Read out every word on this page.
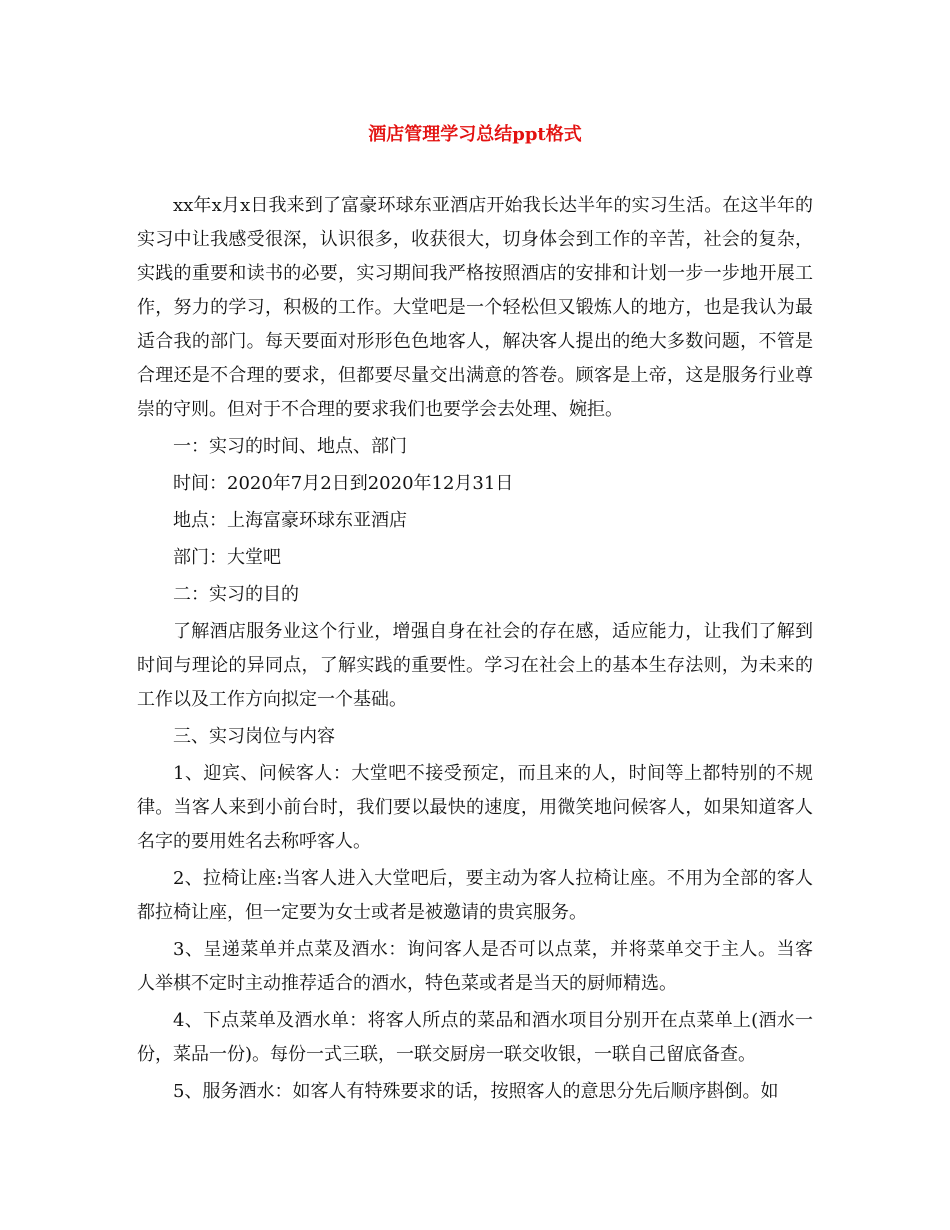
酒店管理学习总结ppt格式

xx年x月x日我来到了富豪环球东亚酒店开始我长达半年的实习生活。在这半年的实习中让我感受很深，认识很多，收获很大，切身体会到工作的辛苦，社会的复杂，实践的重要和读书的必要，实习期间我严格按照酒店的安排和计划一步一步地开展工作，努力的学习，积极的工作。大堂吧是一个轻松但又锻炼人的地方，也是我认为最适合我的部门。每天要面对形形色色地客人，解决客人提出的绝大多数问题，不管是合理还是不合理的要求，但都要尽量交出满意的答卷。顾客是上帝，这是服务行业尊崇的守则。但对于不合理的要求我们也要学会去处理、婉拒。

一：实习的时间、地点、部门

时间：2020年7月2日到2020年12月31日

地点：上海富豪环球东亚酒店

部门：大堂吧

二：实习的目的

了解酒店服务业这个行业，增强自身在社会的存在感，适应能力，让我们了解到时间与理论的异同点，了解实践的重要性。学习在社会上的基本生存法则，为未来的工作以及工作方向拟定一个基础。

三、实习岗位与内容

1、迎宾、问候客人：大堂吧不接受预定，而且来的人，时间等上都特别的不规律。当客人来到小前台时，我们要以最快的速度，用微笑地问候客人，如果知道客人名字的要用姓名去称呼客人。

2、拉椅让座:当客人进入大堂吧后，要主动为客人拉椅让座。不用为全部的客人都拉椅让座，但一定要为女士或者是被邀请的贵宾服务。

3、呈递菜单并点菜及酒水：询问客人是否可以点菜，并将菜单交于主人。当客人举棋不定时主动推荐适合的酒水，特色菜或者是当天的厨师精选。

4、下点菜单及酒水单：将客人所点的菜品和酒水项目分别开在点菜单上(酒水一份，菜品一份)。每份一式三联，一联交厨房一联交收银，一联自己留底备查。

5、服务酒水：如客人有特殊要求的话，按照客人的意思分先后顺序斟倒。如
